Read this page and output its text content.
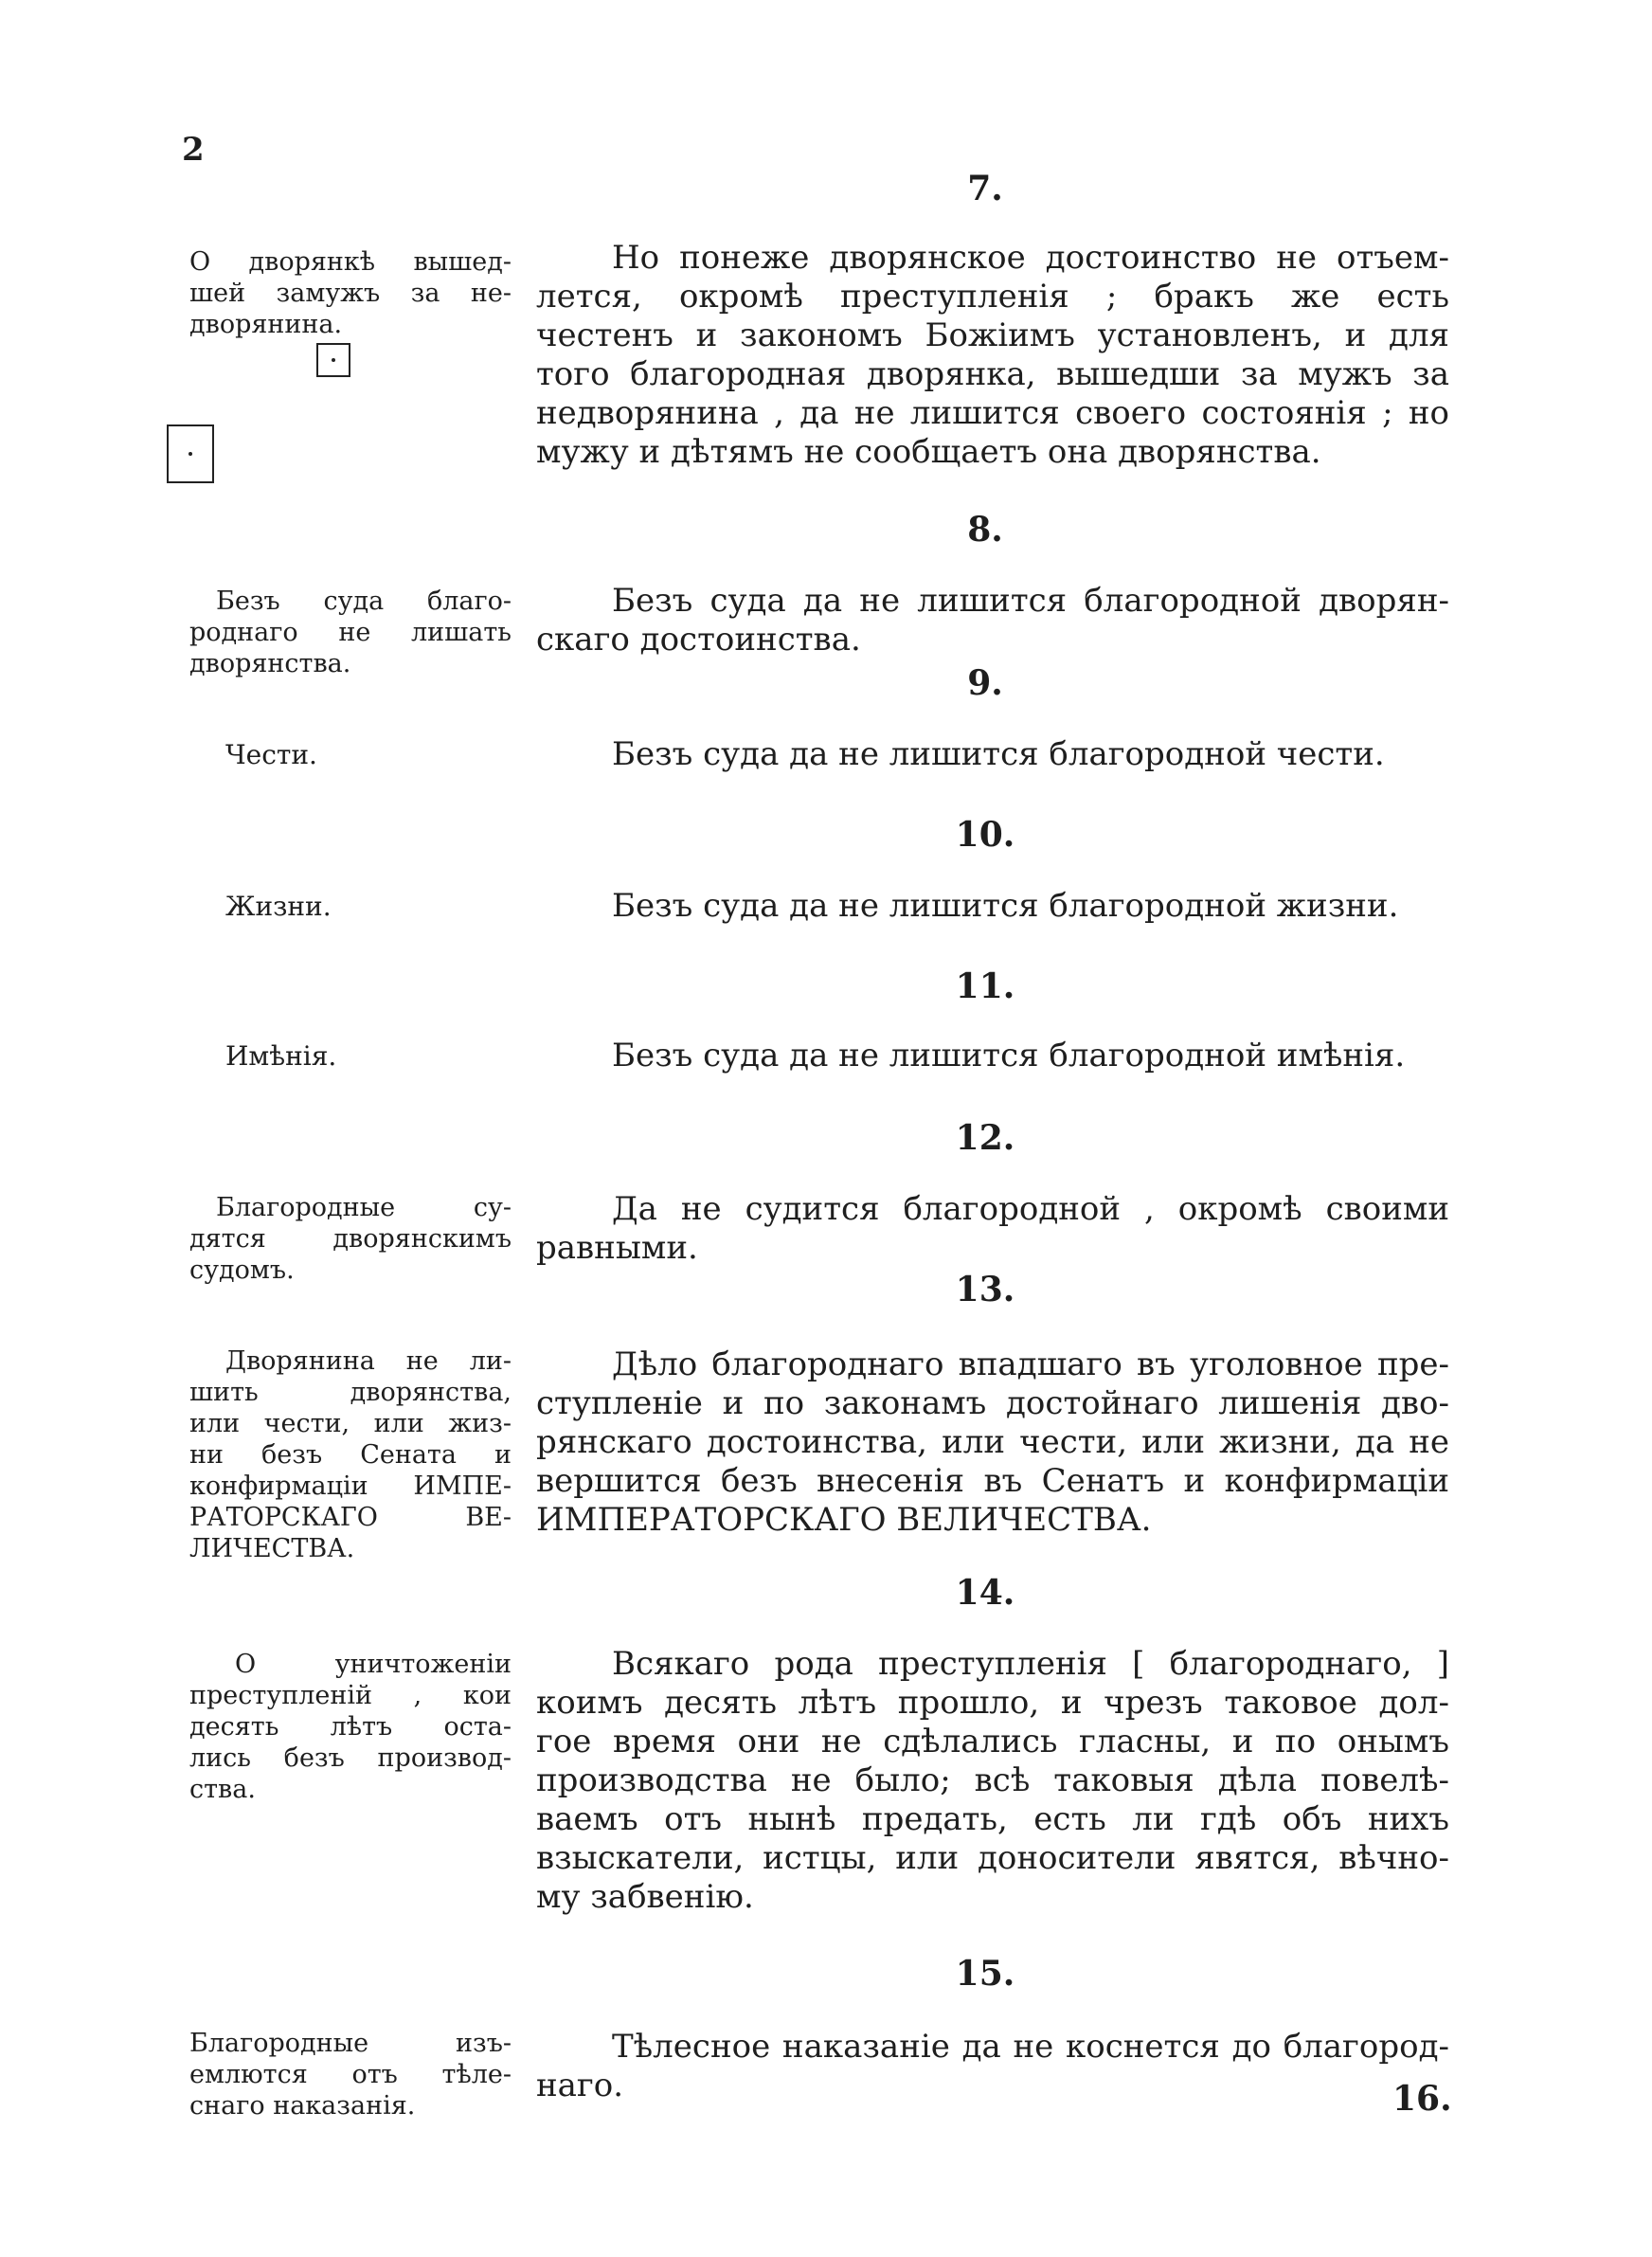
2
7.
О дворянкѣ вышед-
шей замужъ за не-
дворянина.
Но понеже дворянское достоинство не отъем-
лется, окромѣ преступленія ; бракъ же есть
честенъ и закономъ Божіимъ установленъ, и для
того благородная дворянка, вышедши за мужъ за
недворянина , да не лишится своего состоянія ; но
мужу и дѣтямъ не сообщаетъ она дворянства.
8.
Безъ суда благо-
роднаго не лишать
дворянства.
Безъ суда да не лишится благородной дворян-
скаго достоинства.
9.
Чести.	Безъ суда да не лишится благородной чести.
10.
Жизни.	Безъ суда да не лишится благородной жизни.
11.
Имѣнія.	Безъ суда да не лишится благородной имѣнія.
12.
Благородные су-
дятся дворянскимъ
судомъ.
Да не судится благородной , окромѣ своими
равными.
13.
Дворянина не ли-
шить дворянства,
или чести, или жиз-
ни безъ Сената и
конфирмаціи ИМПЕ-
РАТОРСКАГО ВЕ-
ЛИЧЕСТВА.
Дѣло благороднаго впадшаго въ уголовное пре-
ступленіе и по законамъ достойнаго лишенія дво-
рянскаго достоинства, или чести, или жизни, да не
вершится безъ внесенія въ Сенатъ и конфирмаціи
ИМПЕРАТОРСКАГО ВЕЛИЧЕСТВА.
14.
О уничтоженіи
преступленій , кои
десять лѣтъ оста-
лись безъ производ-
ства.
Всякаго рода преступленія [ благороднаго, ]
коимъ десять лѣтъ прошло, и чрезъ таковое дол-
гое время они не сдѣлались гласны, и по онымъ
производства не было; всѣ таковыя дѣла повелѣ-
ваемъ отъ нынѣ предать, есть ли гдѣ объ нихъ
взыскатели, истцы, или доносители явятся, вѣчно-
му забвенію.
15.
Благородные изъ-
емлются отъ тѣле-
снаго наказанія.
Тѣлесное наказаніе да не коснется до благород-
наго.	16.
